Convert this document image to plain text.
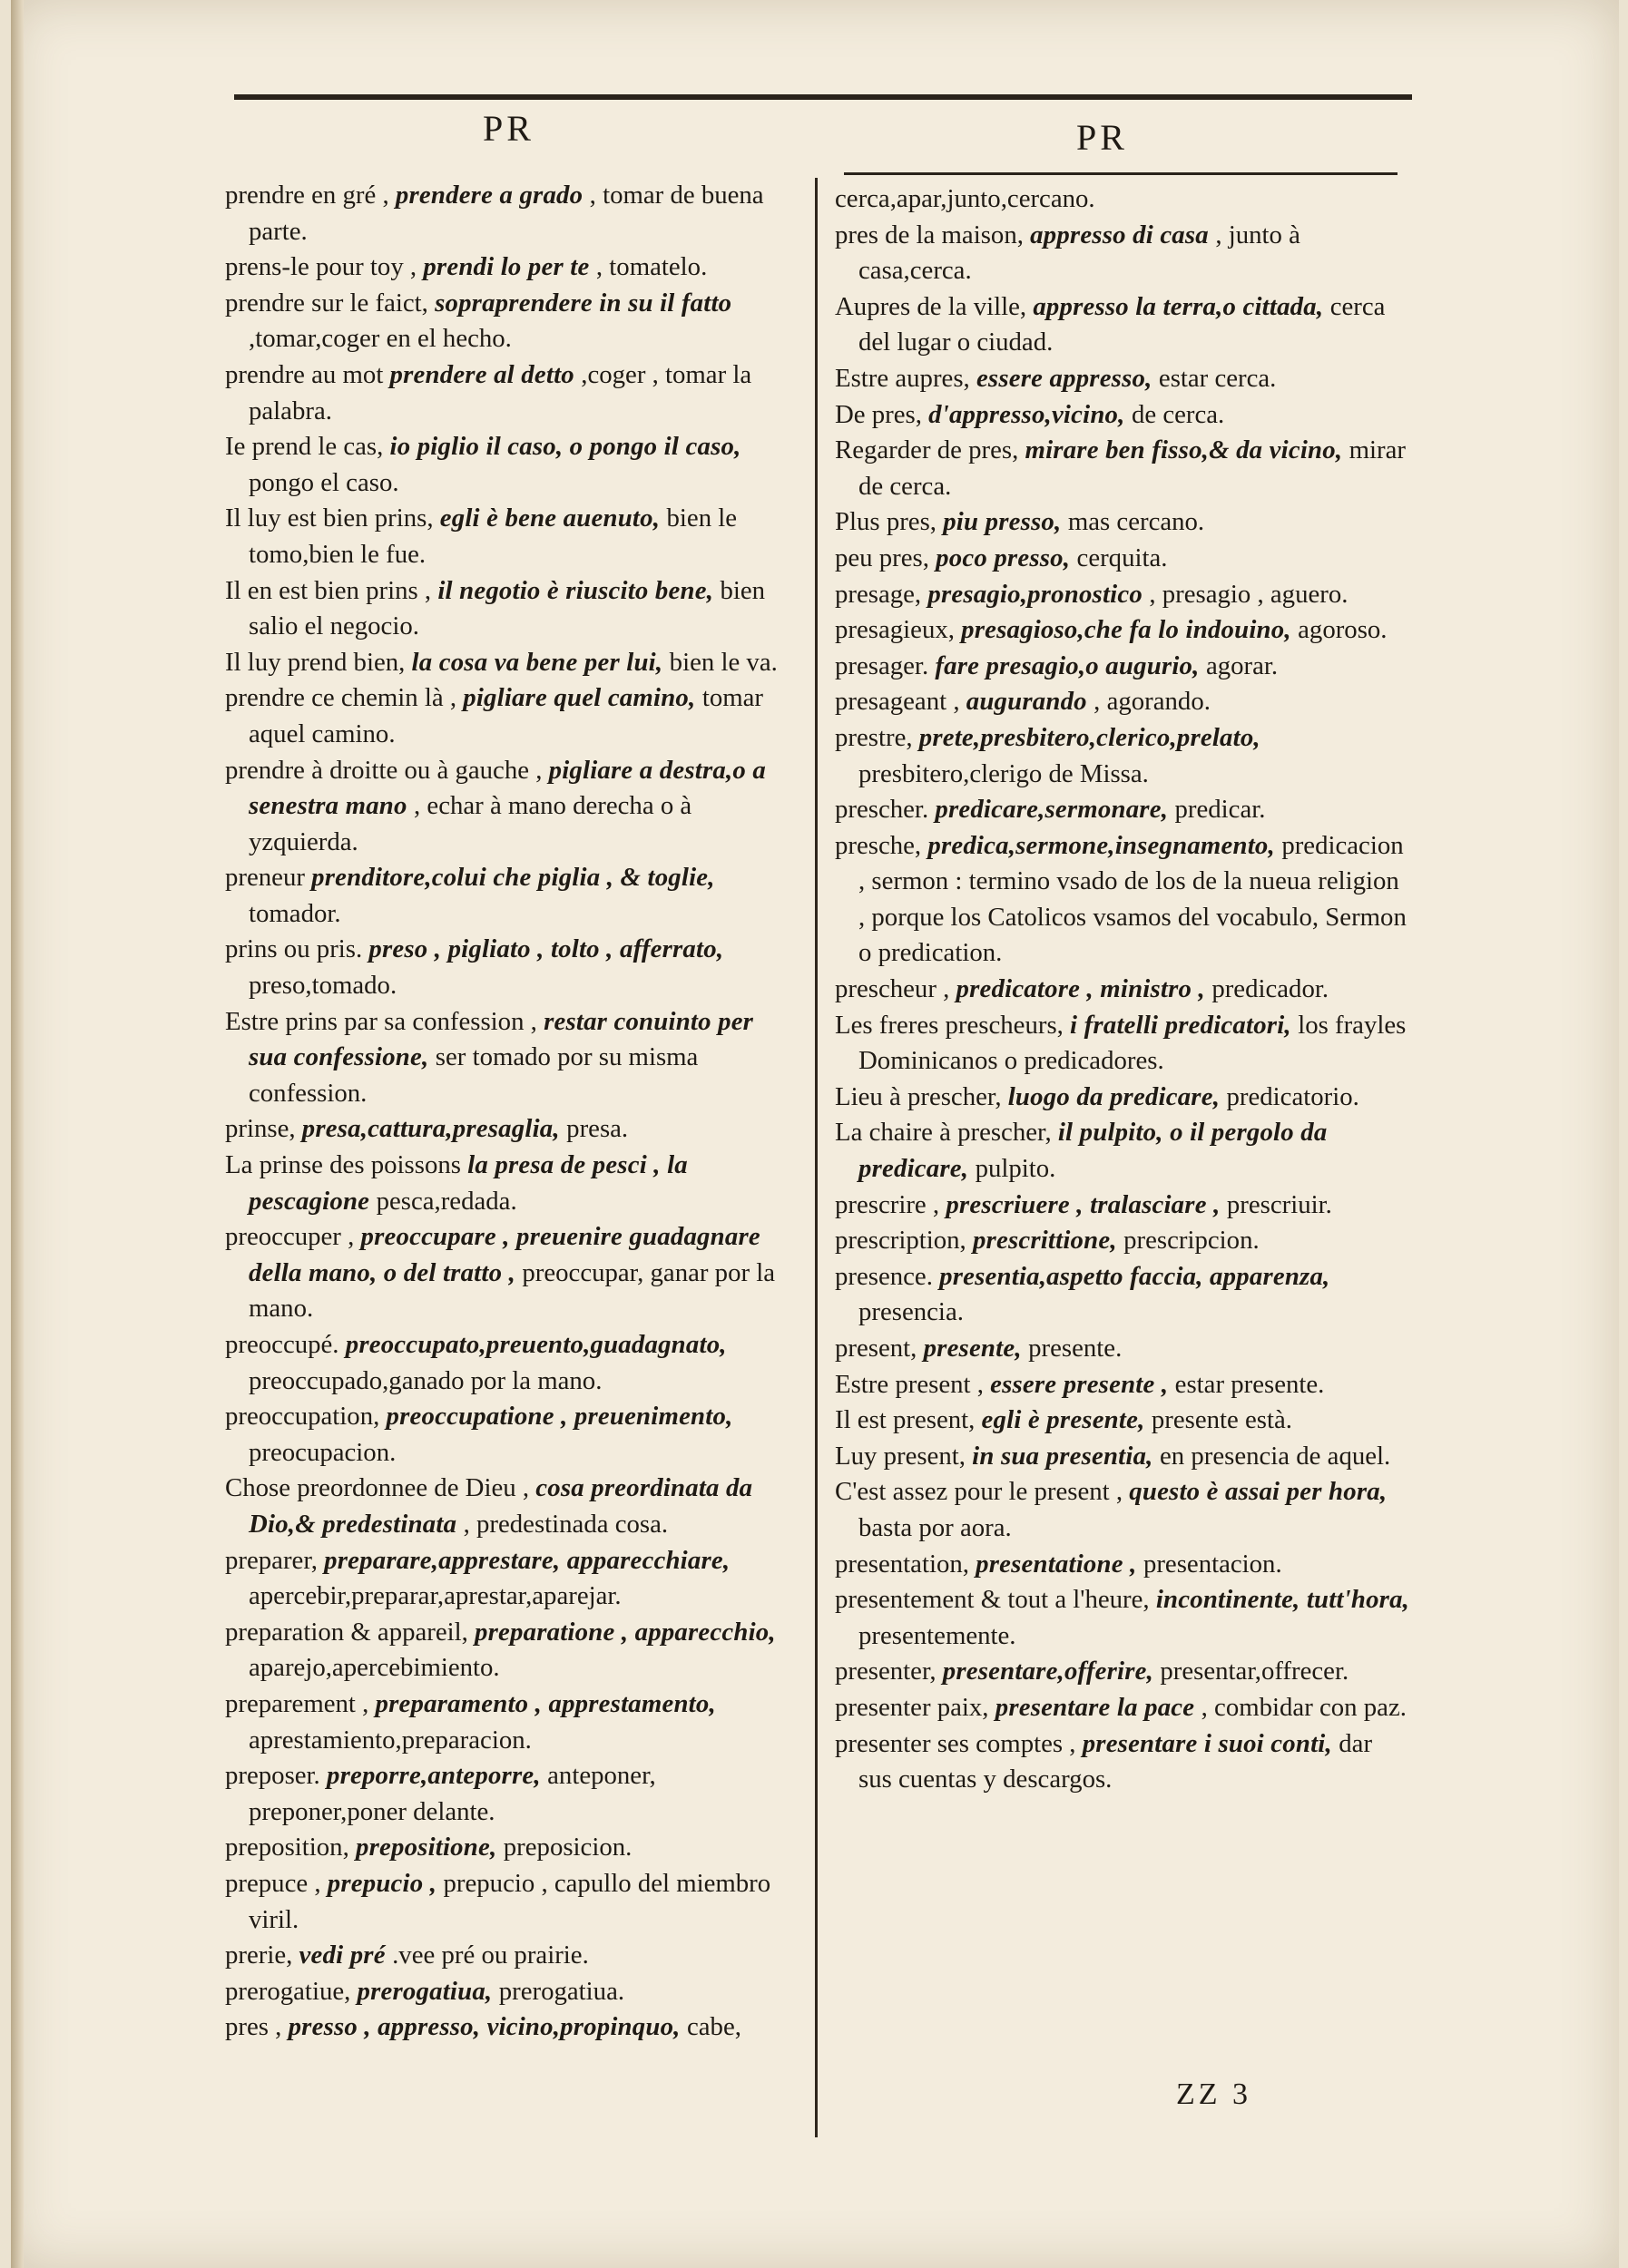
PR	PR

prendre en gré , prendere a grado , tomar de buena parte.

prens-le pour toy , prendi lo per te , tomatelo.

prendre sur le faict, sopraprendere in su il fatto ,tomar,coger en el hecho.

prendre au mot prendere al detto ,coger , tomar la palabra.

Ie prend le cas, io piglio il caso, o pongo il caso, pongo el caso.

Il luy est bien prins, egli è bene auenuto, bien le tomo,bien le fue.

Il en est bien prins , il negotio è riuscito bene, bien salio el negocio.

Il luy prend bien, la cosa va bene per lui, bien le va.

prendre ce chemin là , pigliare quel camino, tomar aquel camino.

prendre à droitte ou à gauche , pigliare a destra,o a senestra mano , echar à mano derecha o à yzquierda.

preneur prenditore,colui che piglia , & toglie, tomador.

prins ou pris. preso , pigliato , tolto , afferrato, preso,tomado.

Estre prins par sa confession , restar conuinto per sua confessione, ser tomado por su misma confession.

prinse, presa,cattura,presaglia, presa.

La prinse des poissons la presa de pesci , la pescagione pesca,redada.

preoccuper , preoccupare , preuenire guadagnare della mano, o del tratto , preoccupar, ganar por la mano.

preoccupé. preoccupato,preuento,guadagnato, preoccupado,ganado por la mano.

preoccupation, preoccupatione , preuenimento, preocupacion.

Chose preordonnee de Dieu , cosa preordinata da Dio,& predestinata , predestinada cosa.

preparer, preparare,apprestare, apparecchiare, apercebir,preparar,aprestar,aparejar.

preparation & appareil, preparatione , apparecchio, aparejo,apercebimiento.

preparement , preparamento , apprestamento, aprestamiento,preparacion.

preposer. preporre,anteporre, anteponer, preponer,poner delante.

preposition, prepositione, preposicion.

prepuce , prepucio , prepucio , capullo del miembro viril.

prerie, vedi pré .vee pré ou prairie.

prerogatiue, prerogatiua, prerogatiua.

pres , presso , appresso, vicino,propinquo, cabe,

cerca,apar,junto,cercano.

pres de la maison, appresso di casa , junto à casa,cerca.

Aupres de la ville, appresso la terra,o cittada, cerca del lugar o ciudad.

Estre aupres, essere appresso, estar cerca.

De pres, d'appresso,vicino, de cerca.

Regarder de pres, mirare ben fisso,& da vicino, mirar de cerca.

Plus pres, piu presso, mas cercano.

peu pres, poco presso, cerquita.

presage, presagio,pronostico , presagio , aguero.

presagieux, presagioso,che fa lo indouino, agoroso.

presager. fare presagio,o augurio, agorar.

presageant , augurando , agorando.

prestre, prete,presbitero,clerico,prelato, presbitero,clerigo de Missa.

prescher. predicare,sermonare, predicar.

presche, predica,sermone,insegnamento, predicacion , sermon : termino vsado de los de la nueua religion , porque los Catolicos vsamos del vocabulo, Sermon o predication.

prescheur , predicatore , ministro , predicador.

Les freres prescheurs, i fratelli predicatori, los frayles Dominicanos o predicadores.

Lieu à prescher, luogo da predicare, predicatorio.

La chaire à prescher, il pulpito, o il pergolo da predicare, pulpito.

prescrire , prescriuere , tralasciare , prescriuir.

prescription, prescrittione, prescripcion.

presence. presentia,aspetto faccia, apparenza, presencia.

present, presente, presente.

Estre present , essere presente , estar presente.

Il est present, egli è presente, presente està.

Luy present, in sua presentia, en presencia de aquel.

C'est assez pour le present , questo è assai per hora, basta por aora.

presentation, presentatione , presentacion.

presentement & tout a l'heure, incontinente, tutt'hora, presentemente.

presenter, presentare,offerire, presentar,offrecer.

presenter paix, presentare la pace , combidar con paz.

presenter ses comptes , presentare i suoi conti, dar sus cuentas y descargos.

ZZ 3
